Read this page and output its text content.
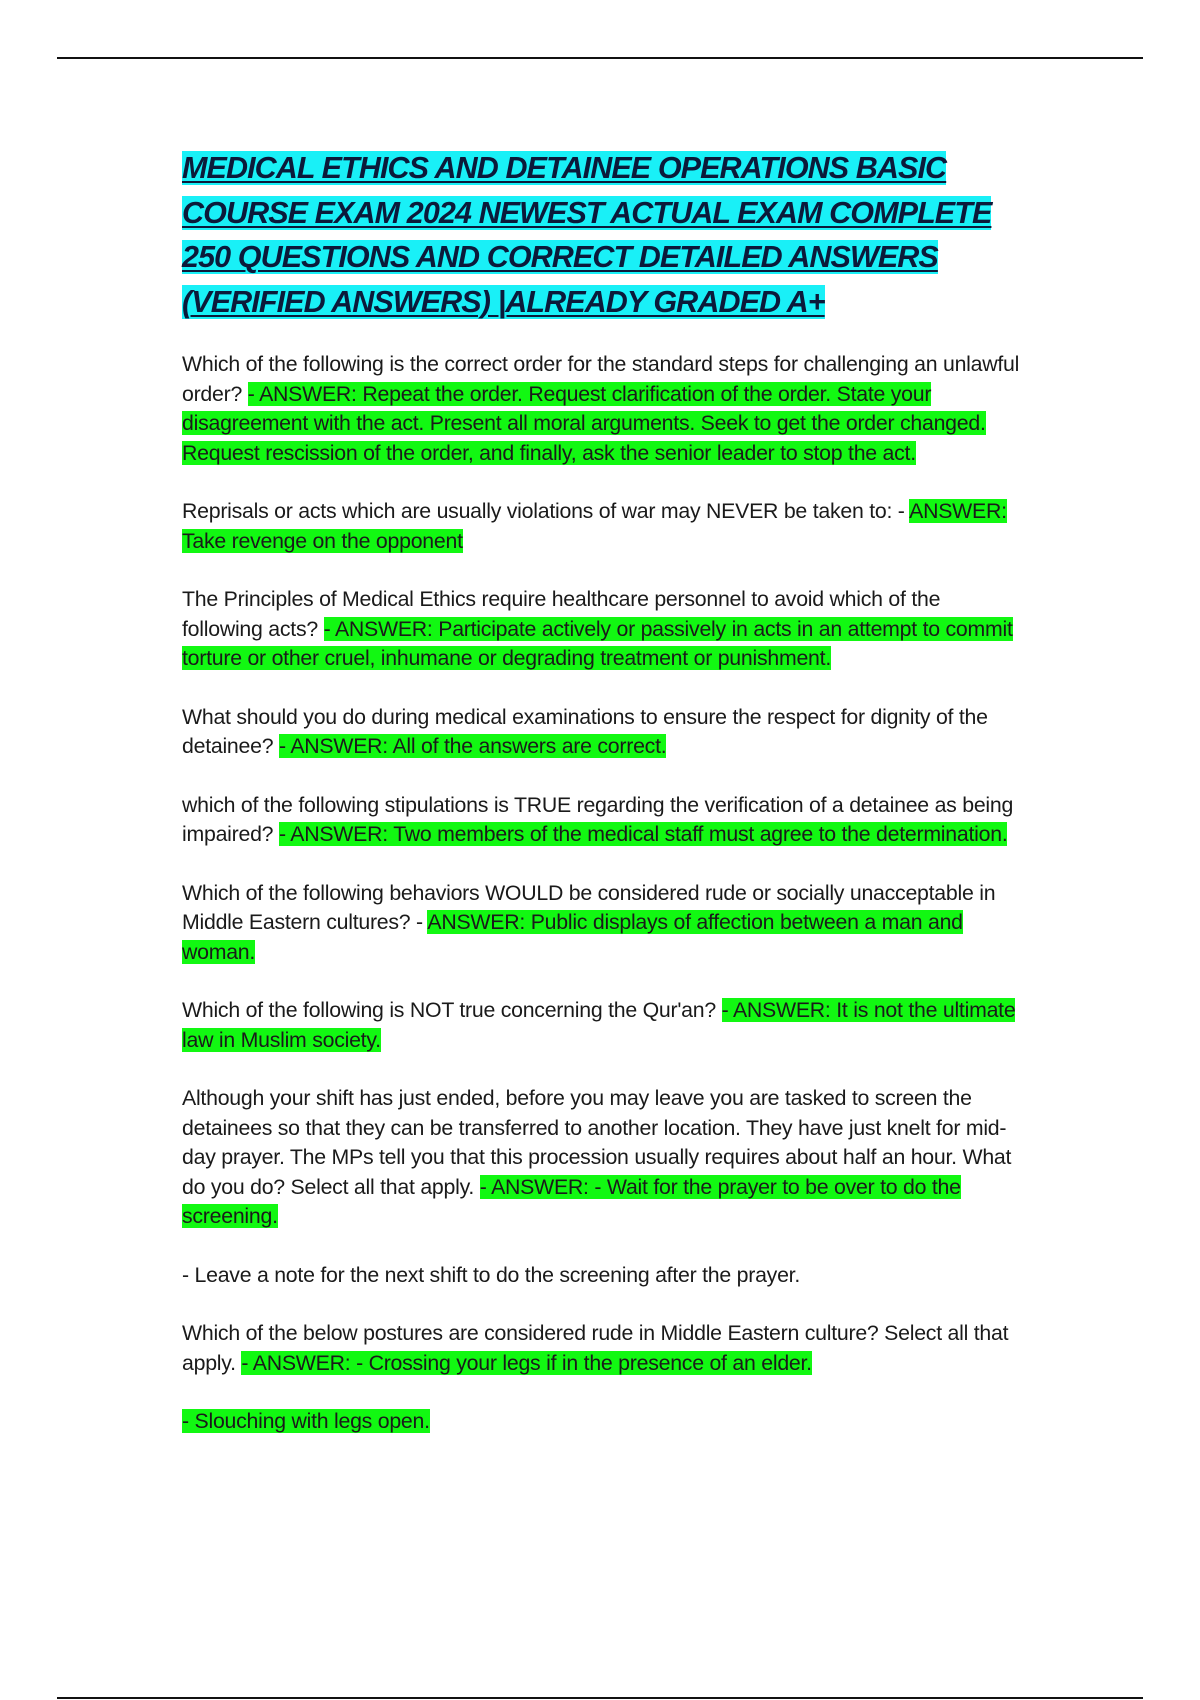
MEDICAL ETHICS AND DETAINEE OPERATIONS BASIC COURSE EXAM 2024 NEWEST ACTUAL EXAM COMPLETE 250 QUESTIONS AND CORRECT DETAILED ANSWERS (VERIFIED ANSWERS) |ALREADY GRADED A+

Which of the following is the correct order for the standard steps for challenging an unlawful order? - ANSWER: Repeat the order. Request clarification of the order. State your disagreement with the act. Present all moral arguments. Seek to get the order changed. Request rescission of the order, and finally, ask the senior leader to stop the act.

Reprisals or acts which are usually violations of war may NEVER be taken to: - ANSWER: Take revenge on the opponent

The Principles of Medical Ethics require healthcare personnel to avoid which of the following acts? - ANSWER: Participate actively or passively in acts in an attempt to commit torture or other cruel, inhumane or degrading treatment or punishment.

What should you do during medical examinations to ensure the respect for dignity of the detainee? - ANSWER: All of the answers are correct.

which of the following stipulations is TRUE regarding the verification of a detainee as being impaired? - ANSWER: Two members of the medical staff must agree to the determination.

Which of the following behaviors WOULD be considered rude or socially unacceptable in Middle Eastern cultures? - ANSWER: Public displays of affection between a man and woman.

Which of the following is NOT true concerning the Qur'an? - ANSWER: It is not the ultimate law in Muslim society.

Although your shift has just ended, before you may leave you are tasked to screen the detainees so that they can be transferred to another location. They have just knelt for mid-day prayer. The MPs tell you that this procession usually requires about half an hour. What do you do? Select all that apply. - ANSWER: - Wait for the prayer to be over to do the screening.

- Leave a note for the next shift to do the screening after the prayer.

Which of the below postures are considered rude in Middle Eastern culture? Select all that apply. - ANSWER: - Crossing your legs if in the presence of an elder.

- Slouching with legs open.
